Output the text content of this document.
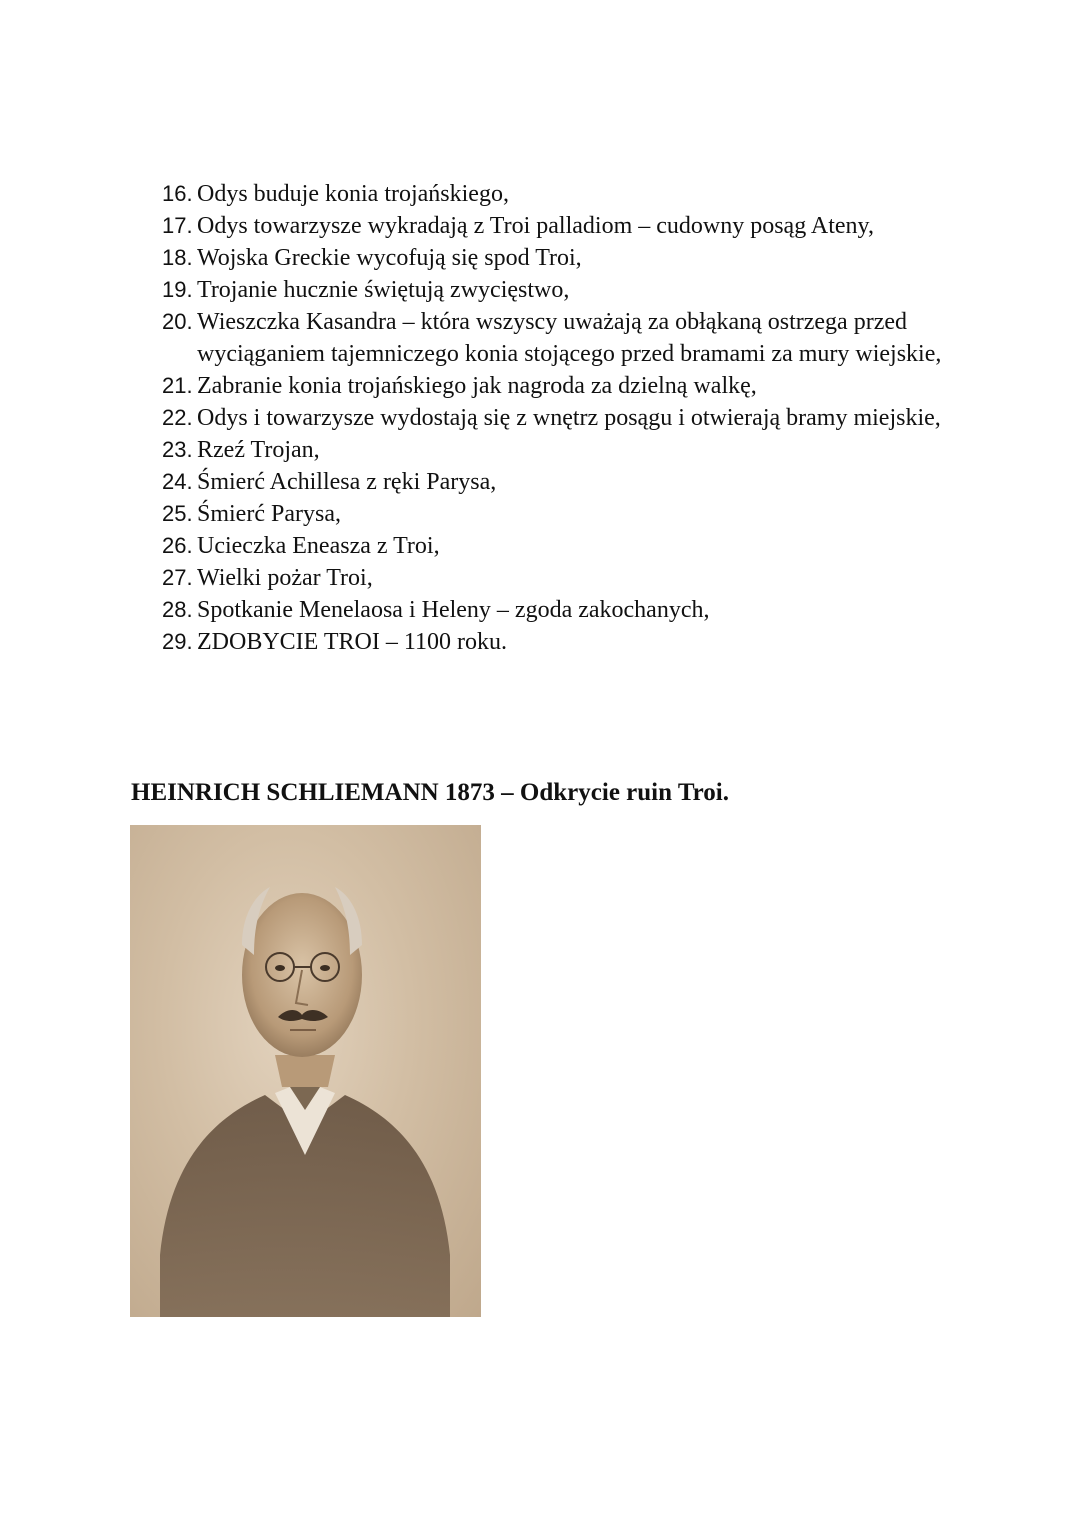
16. Odys buduje konia trojańskiego,
17. Odys towarzysze wykradają z Troi palladiom – cudowny posąg Ateny,
18. Wojska Greckie wycofują się spod Troi,
19. Trojanie hucznie świętują zwycięstwo,
20. Wieszczka Kasandra – która wszyscy uważają za obłąkaną ostrzega przed wyciąganiem tajemniczego konia stojącego przed bramami za mury wiejskie,
21. Zabranie konia trojańskiego jak nagroda za dzielną walkę,
22. Odys i towarzysze wydostają się z wnętrz posągu i otwierają bramy miejskie,
23. Rzeź Trojan,
24. Śmierć Achillesa z ręki Parysa,
25. Śmierć Parysa,
26. Ucieczka Eneasza z Troi,
27. Wielki pożar Troi,
28. Spotkanie Menelaosa i Heleny – zgoda zakochanych,
29. ZDOBYCIE TROI – 1100 roku.
HEINRICH SCHLIEMANN 1873 – Odkrycie ruin Troi.
